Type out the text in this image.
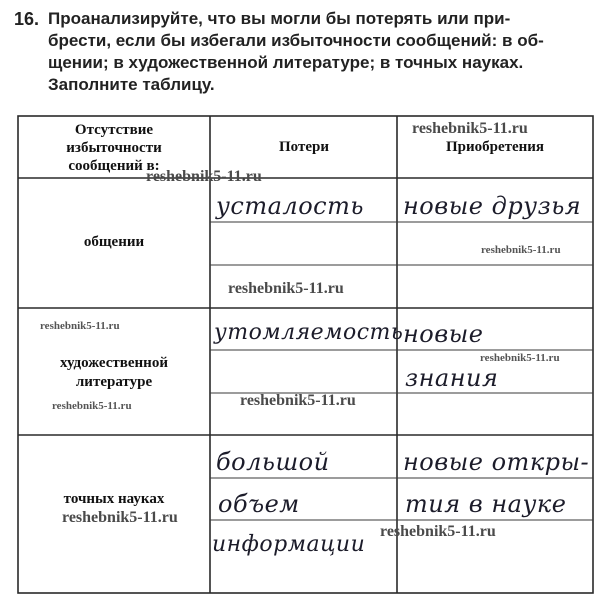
16. Проанализируйте, что вы могли бы потерять или при-
брести, если бы избегали избыточности сообщений: в об-
щении; в художественной литературе; в точных науках.
Заполните таблицу.
Отсутствие
избыточности
сообщений в:
Потери	Приобретения
общении
художественной
литературе
точных науках
усталость новые друзья
утомляемость новые
знания
большой
объем
информации
новые откры-
тия в науке
reshebnik5-11.ru
reshebnik5-11.ru
reshebnik5-11.ru
reshebnik5-11.ru
reshebnik5-11.ru
reshebnik5-11.ru
reshebnik5-11.ru	reshebnik5-11.ru
reshebnik5-11.ru
reshebnik5-11.ru
